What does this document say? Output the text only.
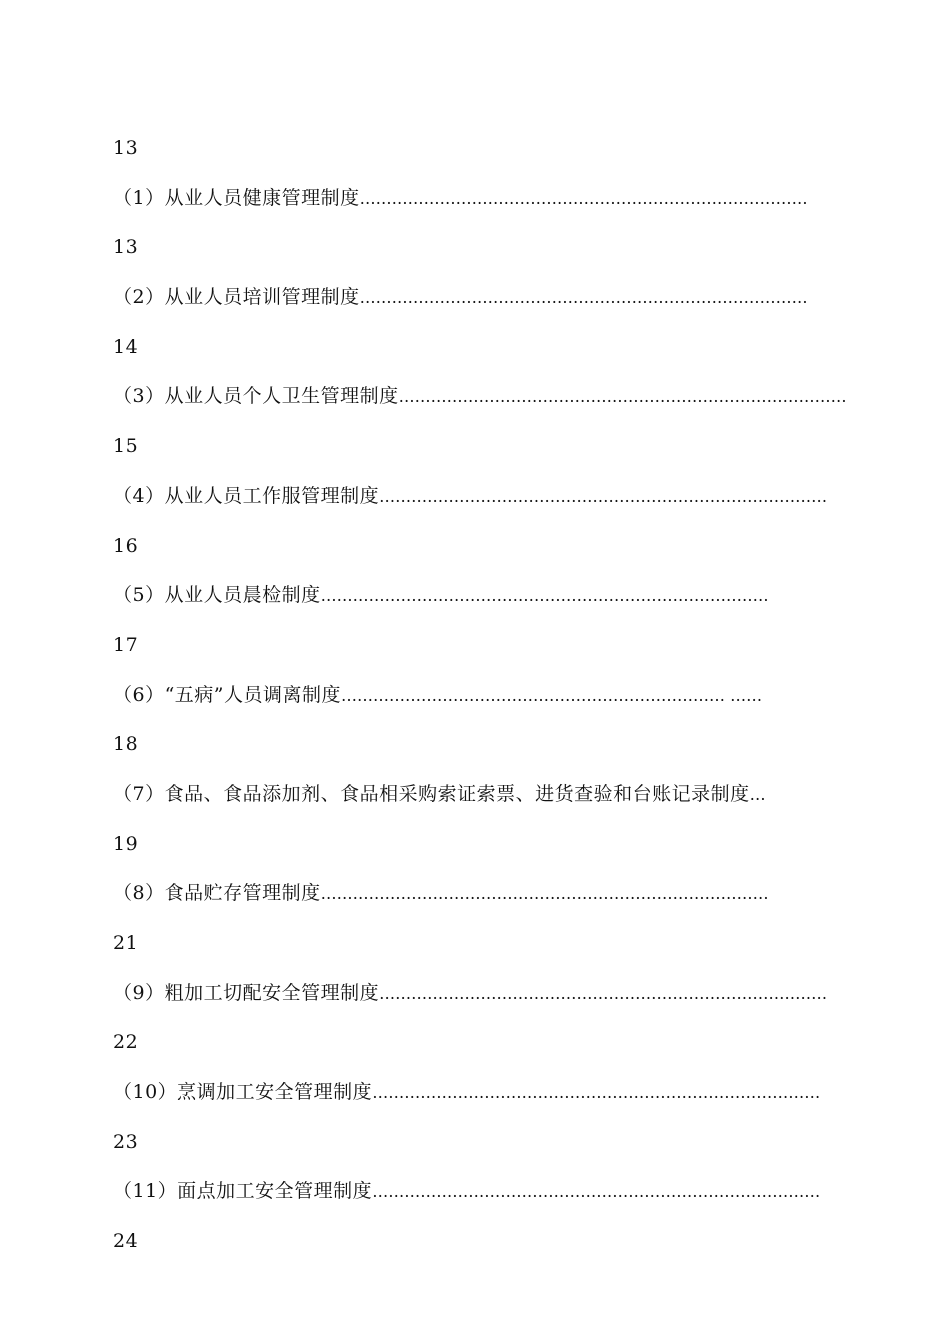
13
（1）从业人员健康管理制度 …………………………………………………………………………
13
（2）从业人员培训管理制度 …………………………………………………………………………
14
（3）从业人员个人卫生管理制度 …………………………………………………………………………
15
（4）从业人员工作服管理制度 …………………………………………………………………………
16
（5）从业人员晨检制度 …………………………………………………………………………
17
（6）“五病”人员调离制度 ……………………………………………………………… ……
18
（7）食品、食品添加剂、食品相采购索证索票、进货查验和台账记录制度 …
19
（8）食品贮存管理制度 …………………………………………………………………………
21
（9）粗加工切配安全管理制度 …………………………………………………………………………
22
（10）烹调加工安全管理制度 …………………………………………………………………………
23
（11）面点加工安全管理制度 …………………………………………………………………………
24
